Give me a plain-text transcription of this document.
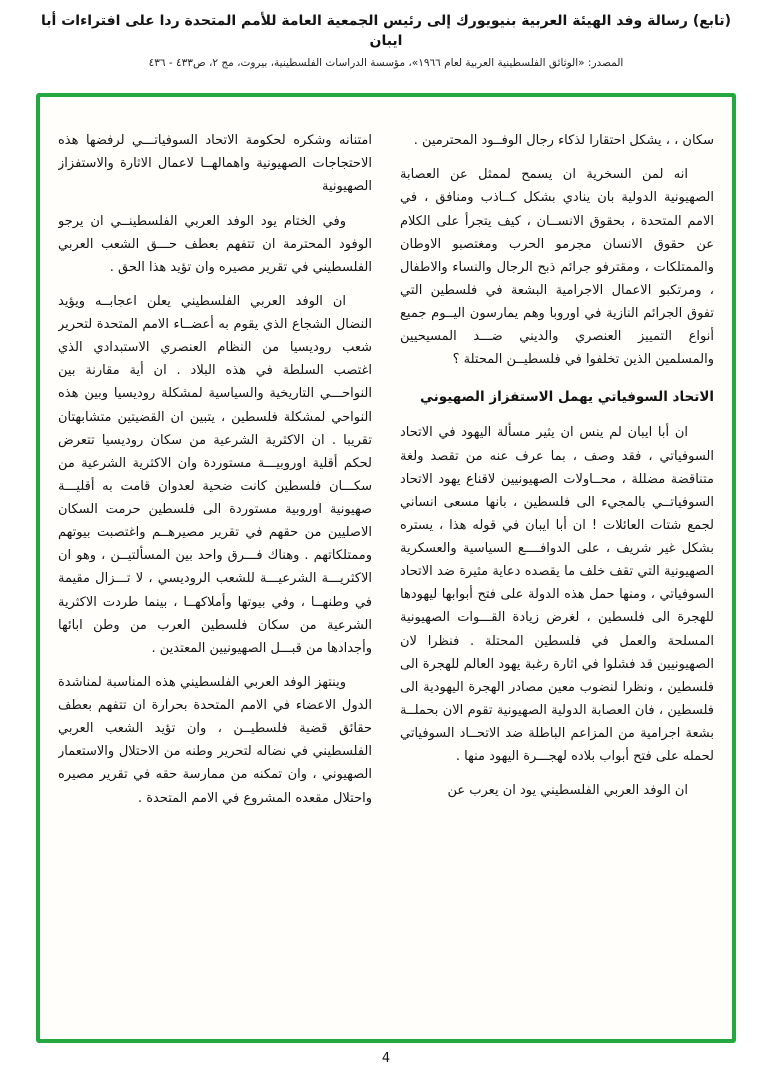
(تابع) رسالة وفد الهيئة العربية بنيويورك إلى رئيس الجمعية العامة للأمم المتحدة ردا على افتراءات أبا ايبان
المصدر: «الوثائق الفلسطينية العربية لعام ١٩٦٦»، مؤسسة الدراسات الفلسطينية، بيروت، مج ٢، ص٤٣٣ - ٤٣٦

سكان ، ، يشكل احتقارا لذكاء رجال الوفــود المحترمين .

انه لمن السخرية ان يسمح لممثل عن العصابة الصهيونية الدولية بان ينادي بشكل كــاذب ومنافق ، في الامم المتحدة ، بحقوق الانســان ، كيف يتجرأ على الكلام عن حقوق الانسان مجرمو الحرب ومغتصبو الاوطان والممتلكات ، ومقترفو جرائم ذبح الرجال والنساء والاطفال ، ومرتكبو الاعمال الاجرامية البشعة في فلسطين التي تفوق الجرائم النازية في اوروبا وهم يمارسون اليــوم جميع أنواع التمييز العنصري والديني ضـــد المسيحيين والمسلمين الذين تخلفوا في فلسطيــن المحتلة ؟

الاتحاد السوفياتي يهمل الاستفزاز الصهيوني

ان أبا ايبان لم ينس ان يثير مسألة اليهود في الاتحاد السوفياتي ، فقد وصف ، بما عرف عنه من تقصد ولغة متناقضة مضللة ، محــاولات الصهيونيين لاقناع يهود الاتحاد السوفياتــي بالمجيء الى فلسطين ، بانها مسعى انساني لجمع شتات العائلات ! ان أبا ايبان في قوله هذا ، يستره بشكل غير شريف ، على الدوافــــع السياسية والعسكرية الصهيونية التي تقف خلف ما يقصده دعاية مثيرة ضد الاتحاد السوفياتي ، ومنها حمل هذه الدولة على فتح أبوابها ليهودها للهجرة الى فلسطين ، لغرض زيادة القـــوات الصهيونية المسلحة والعمل في فلسطين المحتلة . فنظرا لان الصهيونيين قد فشلوا في اثارة رغبة يهود العالم للهجرة الى فلسطين ، ونظرا لنضوب معين مصادر الهجرة اليهودية الى فلسطين ، فان العصابة الدولية الصهيونية تقوم الان بحملــة بشعة اجرامية من المزاعم الباطلة ضد الاتحــاد السوفياتي لحمله على فتح أبواب بلاده لهجـــرة اليهود منها .

ان الوفد العربي الفلسطيني يود ان يعرب عن

امتنانه وشكره لحكومة الاتحاد السوفياتـــي لرفضها هذه الاحتجاجات الصهيونية واهمالهــا لاعمال الاثارة والاستفزاز الصهيونية

وفي الختام يود الوفد العربي الفلسطينــي ان يرجو الوفود المحترمة ان تتفهم بعطف حـــق الشعب العربي الفلسطيني في تقرير مصيره وان تؤيد هذا الحق .

ان الوفد العربي الفلسطيني يعلن اعجابــه ويؤيد النضال الشجاع الذي يقوم به أعضــاء الامم المتحدة لتحرير شعب روديسيا من النظام العنصري الاستبدادي الذي اغتصب السلطة في هذه البلاد . ان أية مقارنة بين النواحـــي التاريخية والسياسية لمشكلة روديسيا وبين هذه النواحي لمشكلة فلسطين ، يتبين ان القضيتين متشابهتان تقريبا . ان الاكثرية الشرعية من سكان روديسيا تتعرض لحكم أقلية اوروبيـــة مستوردة وان الاكثرية الشرعية من سكـــان فلسطين كانت ضحية لعدوان قامت به أقليـــة صهيونية اوروبية مستوردة الى فلسطين حرمت السكان الاصليين من حقهم في تقرير مصيرهــم واغتصبت بيوتهم وممتلكاتهم . وهناك فـــرق واحد بين المسألتيــن ، وهو ان الاكثريـــة الشرعيـــة للشعب الروديسي ، لا تـــزال مقيمة في وطنهــا ، وفي بيوتها وأملاكهــا ، بينما طردت الاكثرية الشرعية من سكان فلسطين العرب من وطن ابائها وأجدادها من قبـــل الصهيونيين المعتدين .

وينتهز الوفد العربي الفلسطيني هذه المناسبة لمناشدة الدول الاعضاء في الامم المتحدة بحرارة ان تتفهم بعطف حقائق قضية فلسطيــن ، وان تؤيد الشعب العربي الفلسطيني في نضاله لتحرير وطنه من الاحتلال والاستعمار الصهيوني ، وان تمكنه من ممارسة حقه في تقرير مصيره واحتلال مقعده المشروع في الامم المتحدة .

4
